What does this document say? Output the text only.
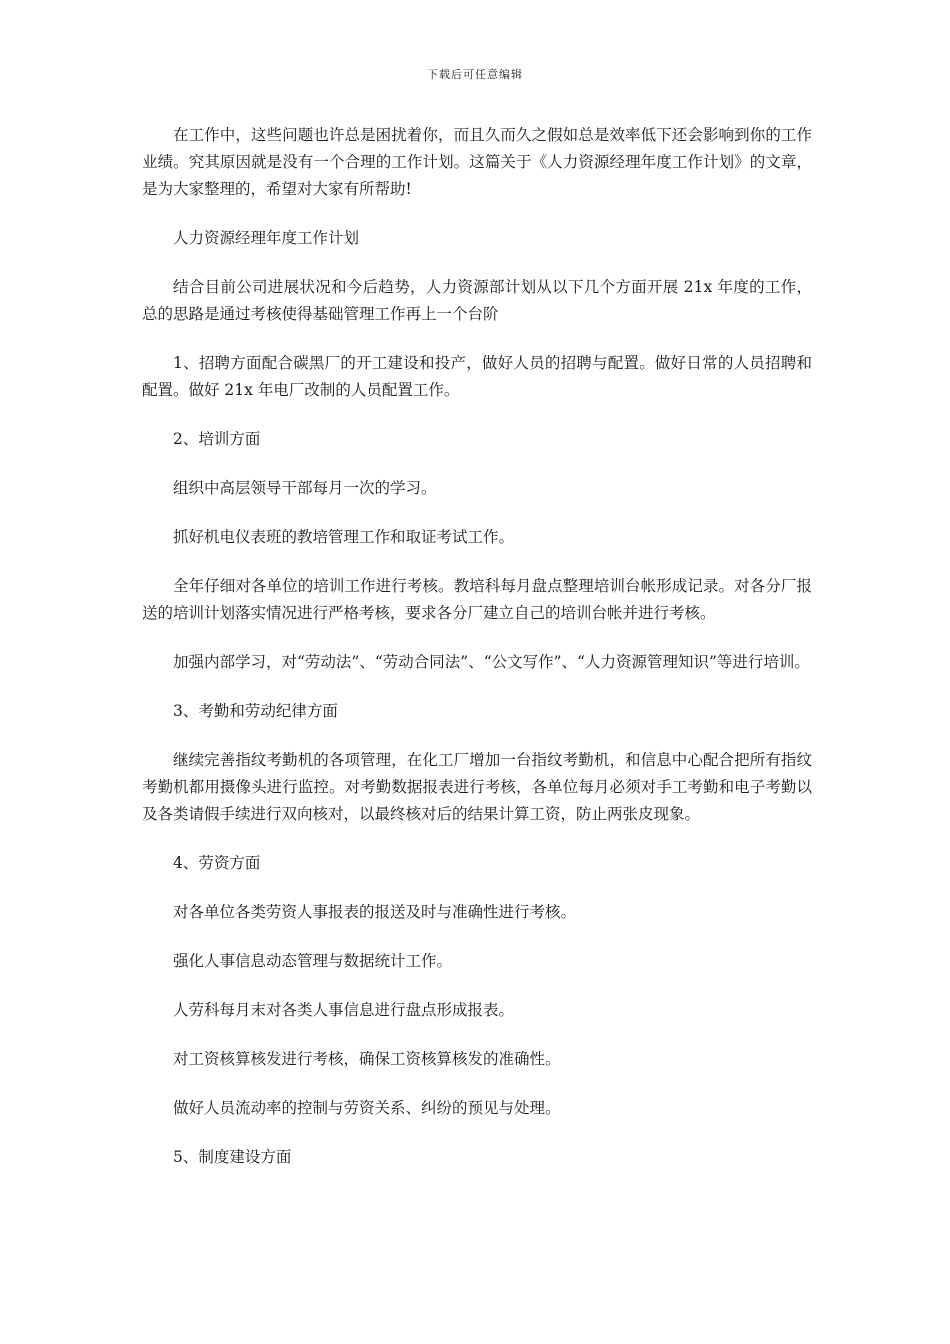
下载后可任意编辑

在工作中，这些问题也许总是困扰着你，而且久而久之假如总是效率低下还会影响到你的工作业绩。究其原因就是没有一个合理的工作计划。这篇关于《人力资源经理年度工作计划》的文章，是为大家整理的，希望对大家有所帮助!

人力资源经理年度工作计划

结合目前公司进展状况和今后趋势，人力资源部计划从以下几个方面开展 21x 年度的工作，总的思路是通过考核使得基础管理工作再上一个台阶

1、招聘方面配合碳黑厂的开工建设和投产，做好人员的招聘与配置。做好日常的人员招聘和配置。做好 21x 年电厂改制的人员配置工作。

2、培训方面

组织中高层领导干部每月一次的学习。

抓好机电仪表班的教培管理工作和取证考试工作。

全年仔细对各单位的培训工作进行考核。教培科每月盘点整理培训台帐形成记录。对各分厂报送的培训计划落实情况进行严格考核，要求各分厂建立自己的培训台帐并进行考核。

加强内部学习，对“劳动法”、“劳动合同法”、“公文写作”、“人力资源管理知识”等进行培训。

3、考勤和劳动纪律方面

继续完善指纹考勤机的各项管理，在化工厂增加一台指纹考勤机，和信息中心配合把所有指纹考勤机都用摄像头进行监控。对考勤数据报表进行考核，各单位每月必须对手工考勤和电子考勤以及各类请假手续进行双向核对，以最终核对后的结果计算工资，防止两张皮现象。

4、劳资方面

对各单位各类劳资人事报表的报送及时与准确性进行考核。

强化人事信息动态管理与数据统计工作。

人劳科每月末对各类人事信息进行盘点形成报表。

对工资核算核发进行考核，确保工资核算核发的准确性。

做好人员流动率的控制与劳资关系、纠纷的预见与处理。

5、制度建设方面
